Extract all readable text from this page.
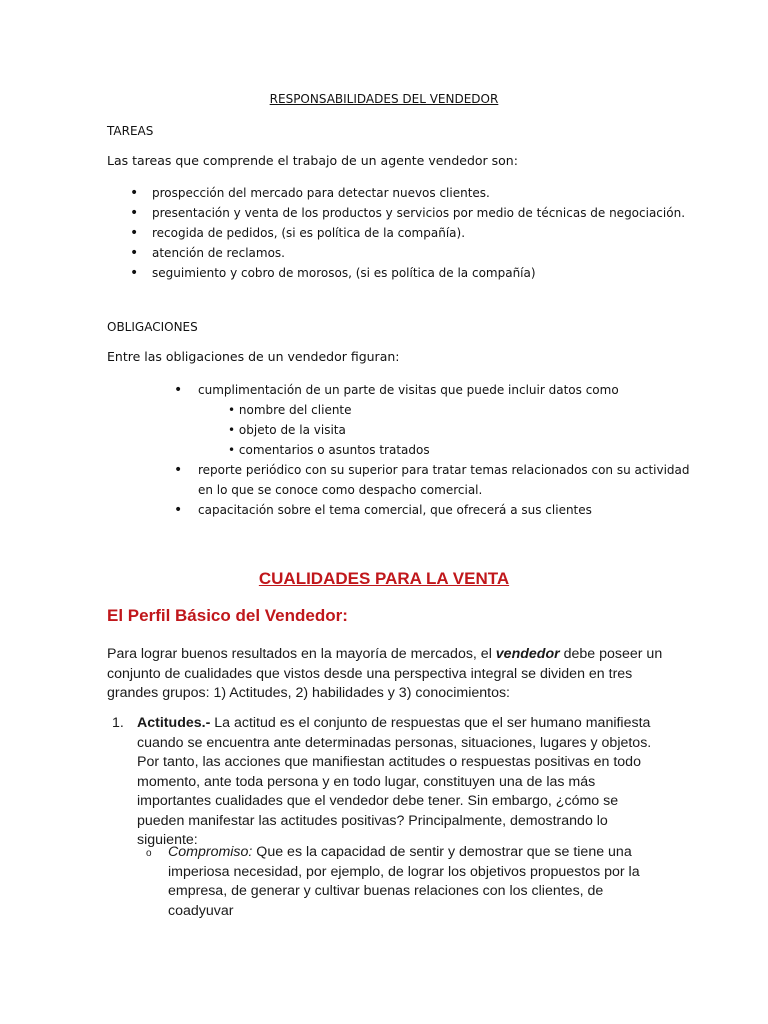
RESPONSABILIDADES DEL VENDEDOR
TAREAS
Las tareas que comprende el trabajo de un agente vendedor son:
• prospección del mercado para detectar nuevos clientes.
• presentación y venta de los productos y servicios por medio de técnicas de negociación.
• recogida de pedidos, (si es política de la compañía).
• atención de reclamos.
• seguimiento y cobro de morosos, (si es política de la compañía)
OBLIGACIONES
Entre las obligaciones de un vendedor figuran:
• cumplimentación de un parte de visitas que puede incluir datos como
• nombre del cliente
• objeto de la visita
• comentarios o asuntos tratados
• reporte periódico con su superior para tratar temas relacionados con su actividad en lo que se conoce como despacho comercial.
• capacitación sobre el tema comercial, que ofrecerá a sus clientes
CUALIDADES PARA LA VENTA
El Perfil Básico del Vendedor:
Para lograr buenos resultados en la mayoría de mercados, el vendedor debe poseer un conjunto de cualidades que vistos desde una perspectiva integral se dividen en tres grandes grupos: 1) Actitudes, 2) habilidades y 3) conocimientos:
1. Actitudes.- La actitud es el conjunto de respuestas que el ser humano manifiesta cuando se encuentra ante determinadas personas, situaciones, lugares y objetos. Por tanto, las acciones que manifiestan actitudes o respuestas positivas en todo momento, ante toda persona y en todo lugar, constituyen una de las más importantes cualidades que el vendedor debe tener. Sin embargo, ¿cómo se pueden manifestar las actitudes positivas? Principalmente, demostrando lo siguiente:
o Compromiso: Que es la capacidad de sentir y demostrar que se tiene una imperiosa necesidad, por ejemplo, de lograr los objetivos propuestos por la empresa, de generar y cultivar buenas relaciones con los clientes, de coadyuvar
